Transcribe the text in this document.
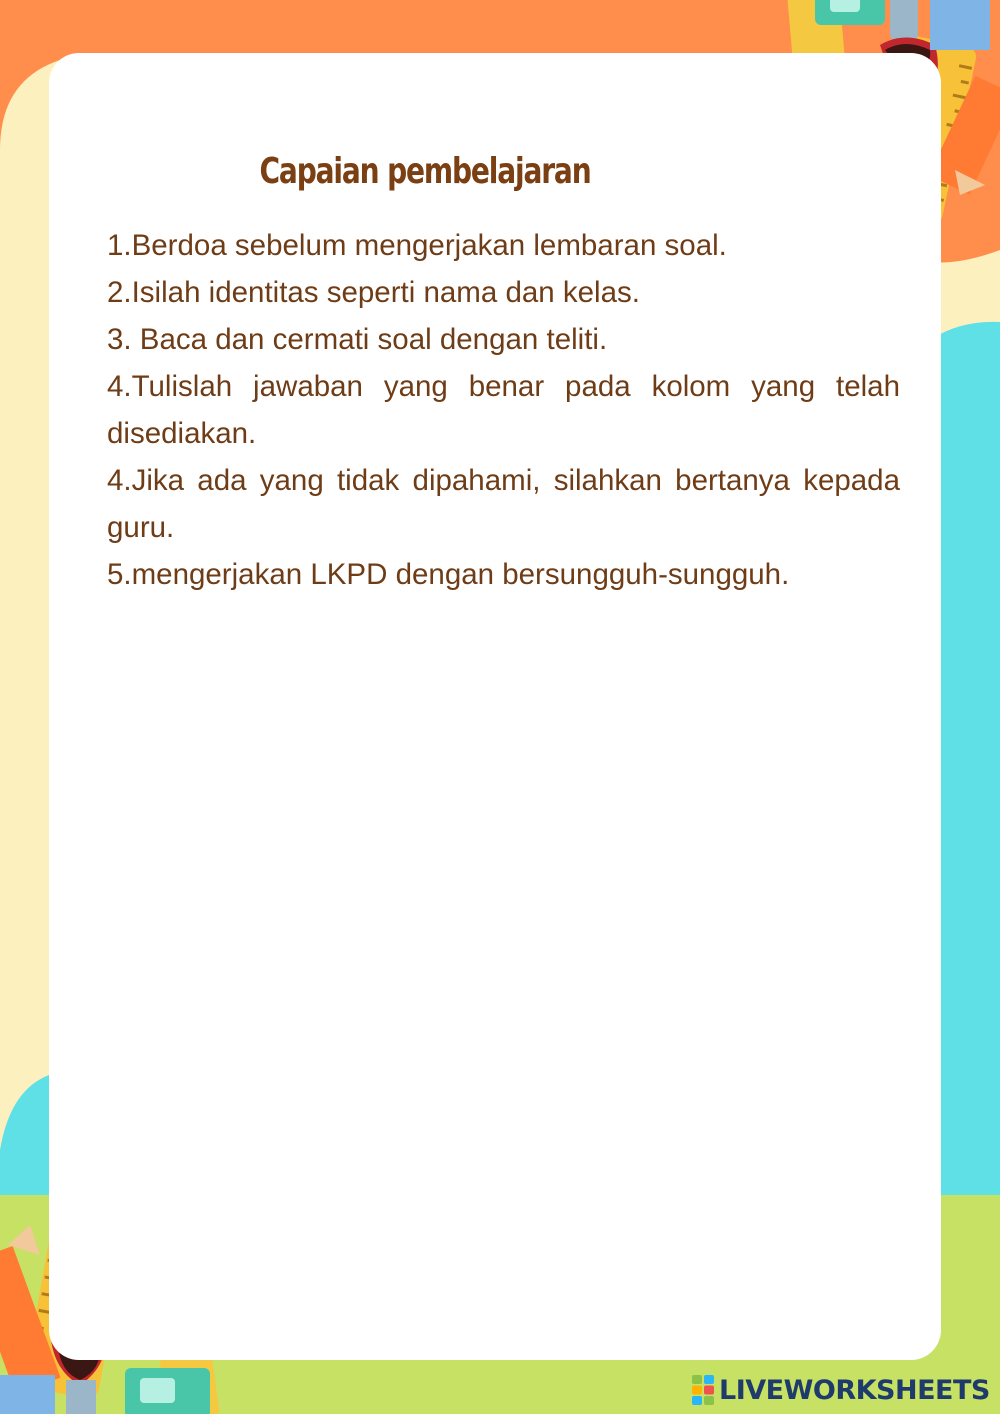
Capaian pembelajaran
1.Berdoa sebelum mengerjakan lembaran soal.
2.Isilah identitas seperti nama dan kelas.
3. Baca dan cermati soal dengan teliti.
4.Tulislah jawaban yang benar pada kolom yang telah disediakan.
4.Jika ada yang tidak dipahami, silahkan bertanya kepada guru.
5.mengerjakan LKPD dengan bersungguh-sungguh.
LIVEWORKSHEETS
